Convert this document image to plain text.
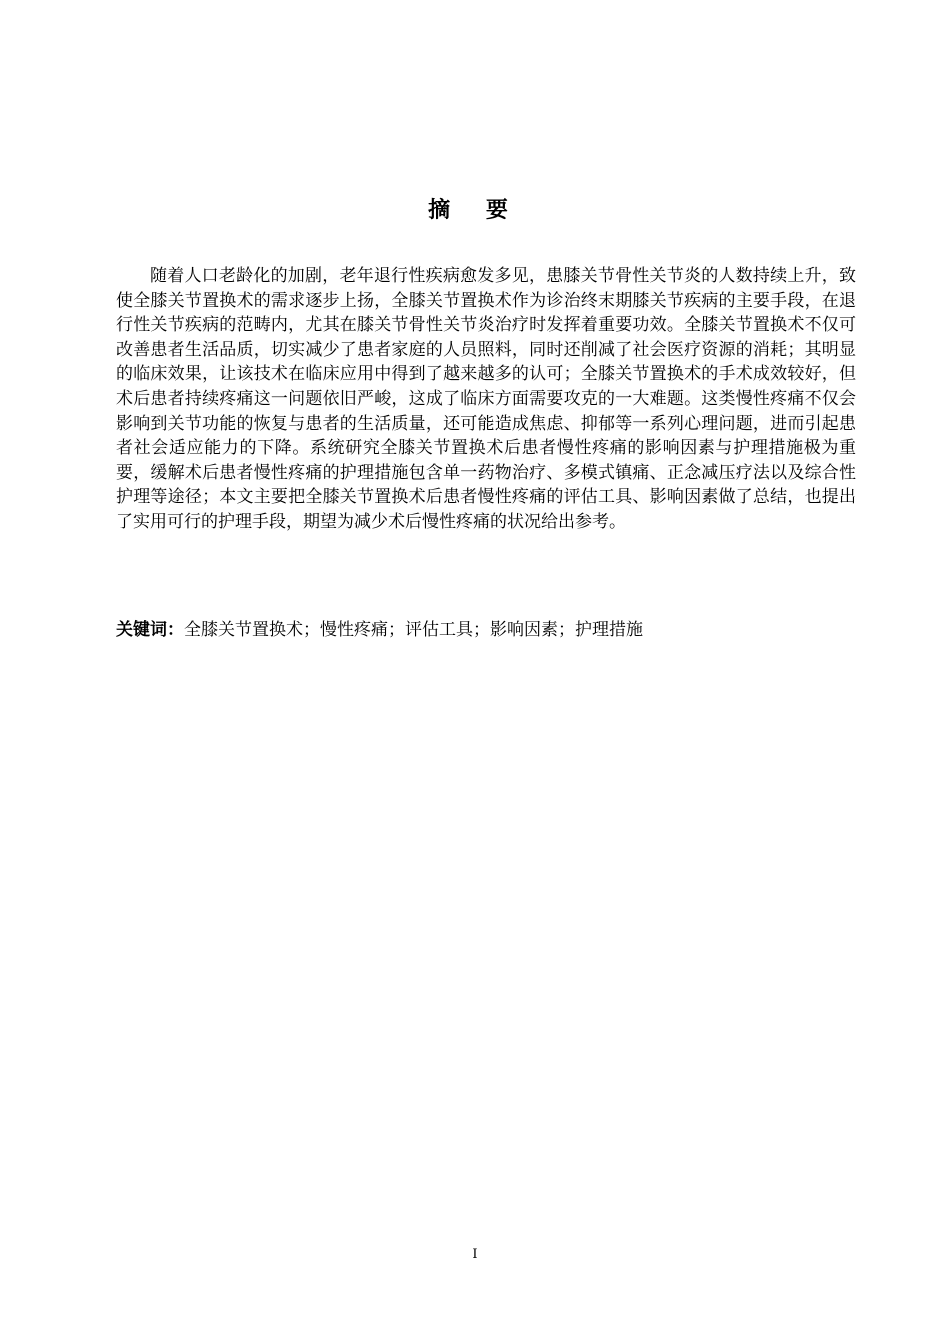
摘 要

随着人口老龄化的加剧，老年退行性疾病愈发多见，患膝关节骨性关节炎的人数持续上升，致使全膝关节置换术的需求逐步上扬，全膝关节置换术作为诊治终末期膝关节疾病的主要手段，在退行性关节疾病的范畴内，尤其在膝关节骨性关节炎治疗时发挥着重要功效。全膝关节置换术不仅可改善患者生活品质，切实减少了患者家庭的人员照料，同时还削减了社会医疗资源的消耗；其明显的临床效果，让该技术在临床应用中得到了越来越多的认可；全膝关节置换术的手术成效较好，但术后患者持续疼痛这一问题依旧严峻，这成了临床方面需要攻克的一大难题。这类慢性疼痛不仅会影响到关节功能的恢复与患者的生活质量，还可能造成焦虑、抑郁等一系列心理问题，进而引起患者社会适应能力的下降。系统研究全膝关节置换术后患者慢性疼痛的影响因素与护理措施极为重要，缓解术后患者慢性疼痛的护理措施包含单一药物治疗、多模式镇痛、正念减压疗法以及综合性护理等途径；本文主要把全膝关节置换术后患者慢性疼痛的评估工具、影响因素做了总结，也提出了实用可行的护理手段，期望为减少术后慢性疼痛的状况给出参考。

关键词：全膝关节置换术；慢性疼痛；评估工具；影响因素；护理措施

I
